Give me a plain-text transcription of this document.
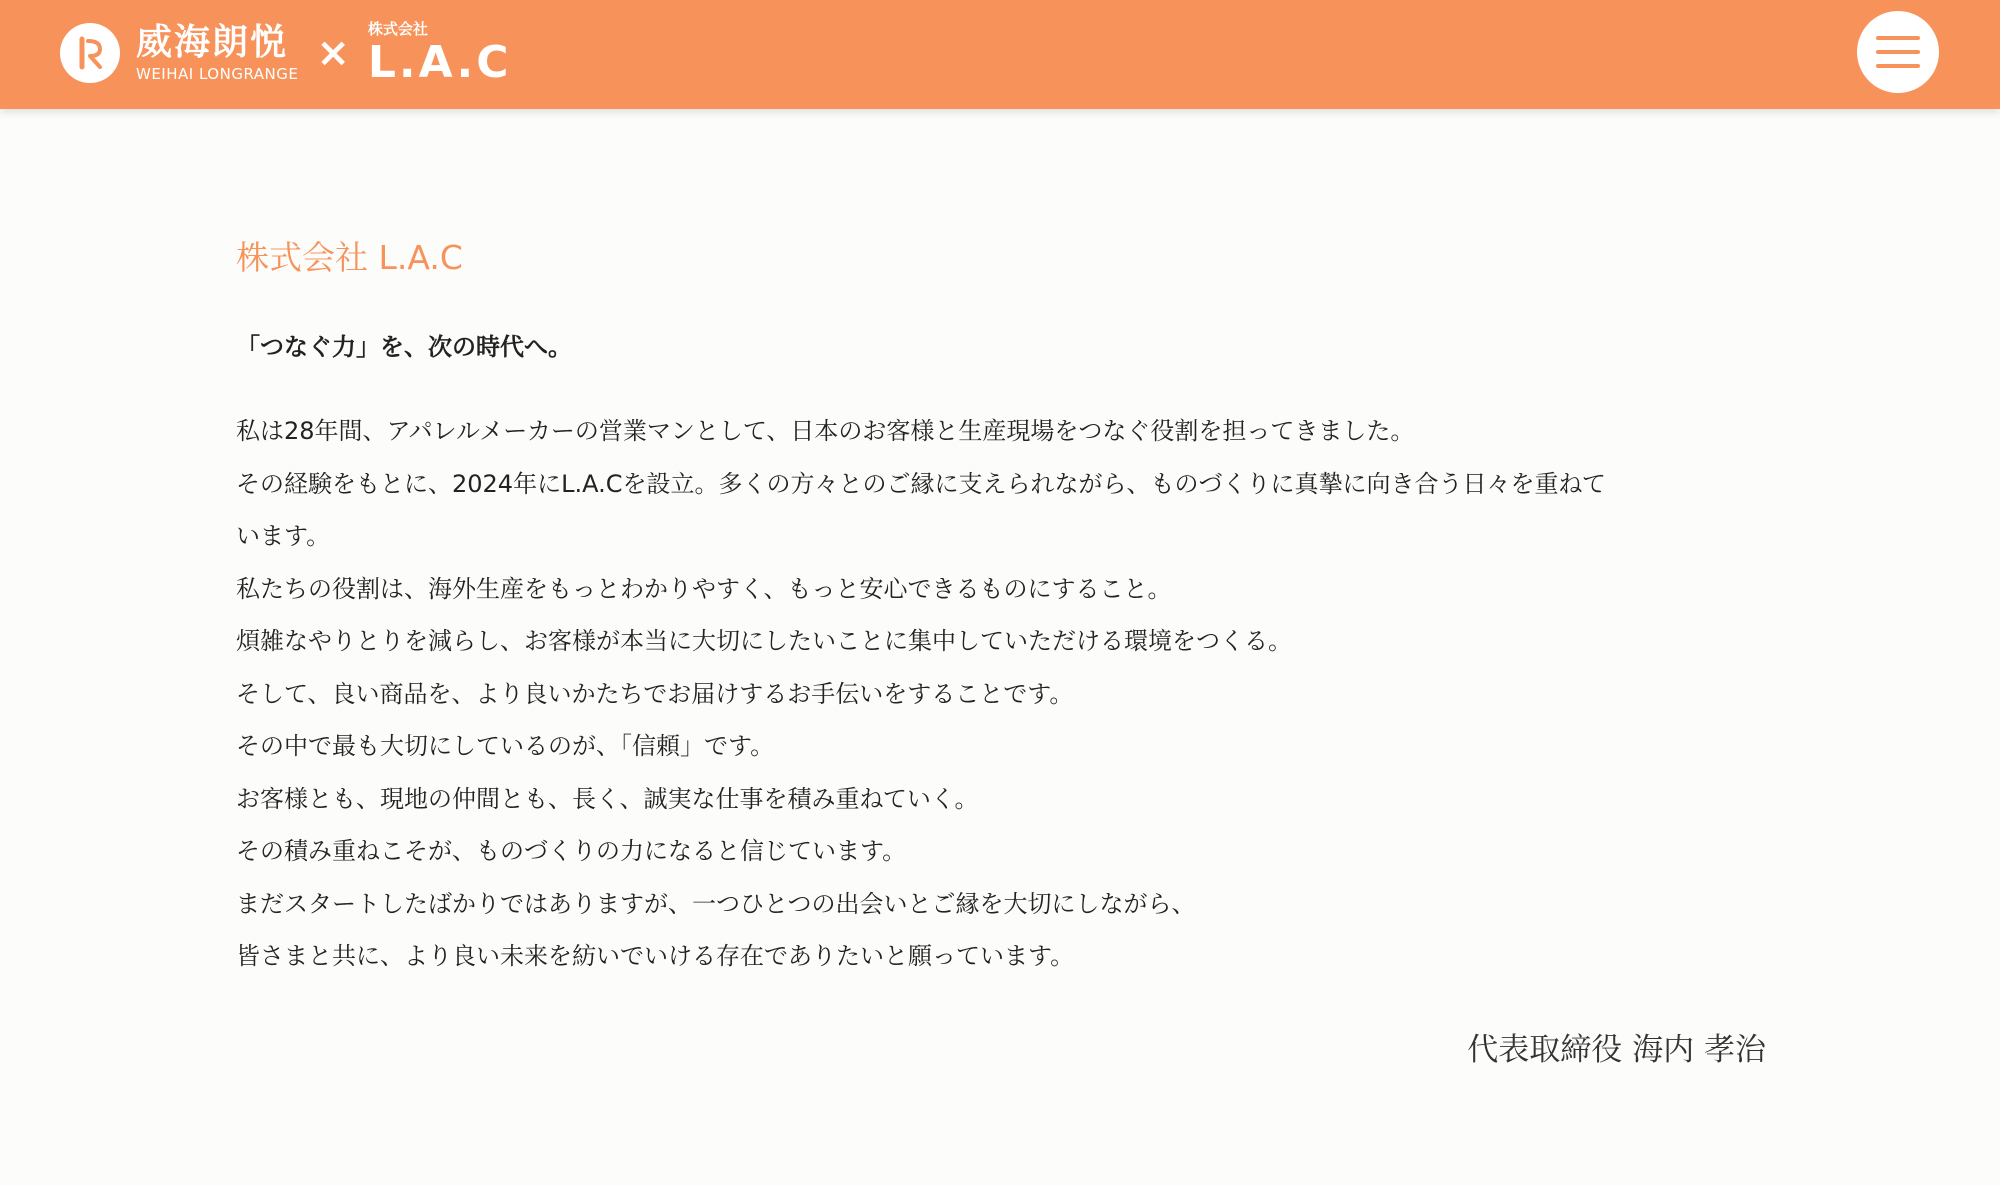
威海朗悦
WEIHAI LONGRANGE ×
株式会社
L.A.C
株式会社 L.A.C

「つなぐ力」を、次の時代へ。

私は28年間、アパレルメーカーの営業マンとして、日本のお客様と生産現場をつなぐ役割を担ってきました。

その経験をもとに、2024年にL.A.Cを設立。多くの方々とのご縁に支えられながら、ものづくりに真摯に向き合う日々を重ねて

います。

私たちの役割は、海外生産をもっとわかりやすく、もっと安心できるものにすること。

煩雑なやりとりを減らし、お客様が本当に大切にしたいことに集中していただける環境をつくる。

そして、良い商品を、より良いかたちでお届けするお手伝いをすることです。

その中で最も大切にしているのが、「信頼」です。

お客様とも、現地の仲間とも、長く、誠実な仕事を積み重ねていく。

その積み重ねこそが、ものづくりの力になると信じています。

まだスタートしたばかりではありますが、一つひとつの出会いとご縁を大切にしながら、

皆さまと共に、より良い未来を紡いでいける存在でありたいと願っています。

代表取締役 海内 孝治
